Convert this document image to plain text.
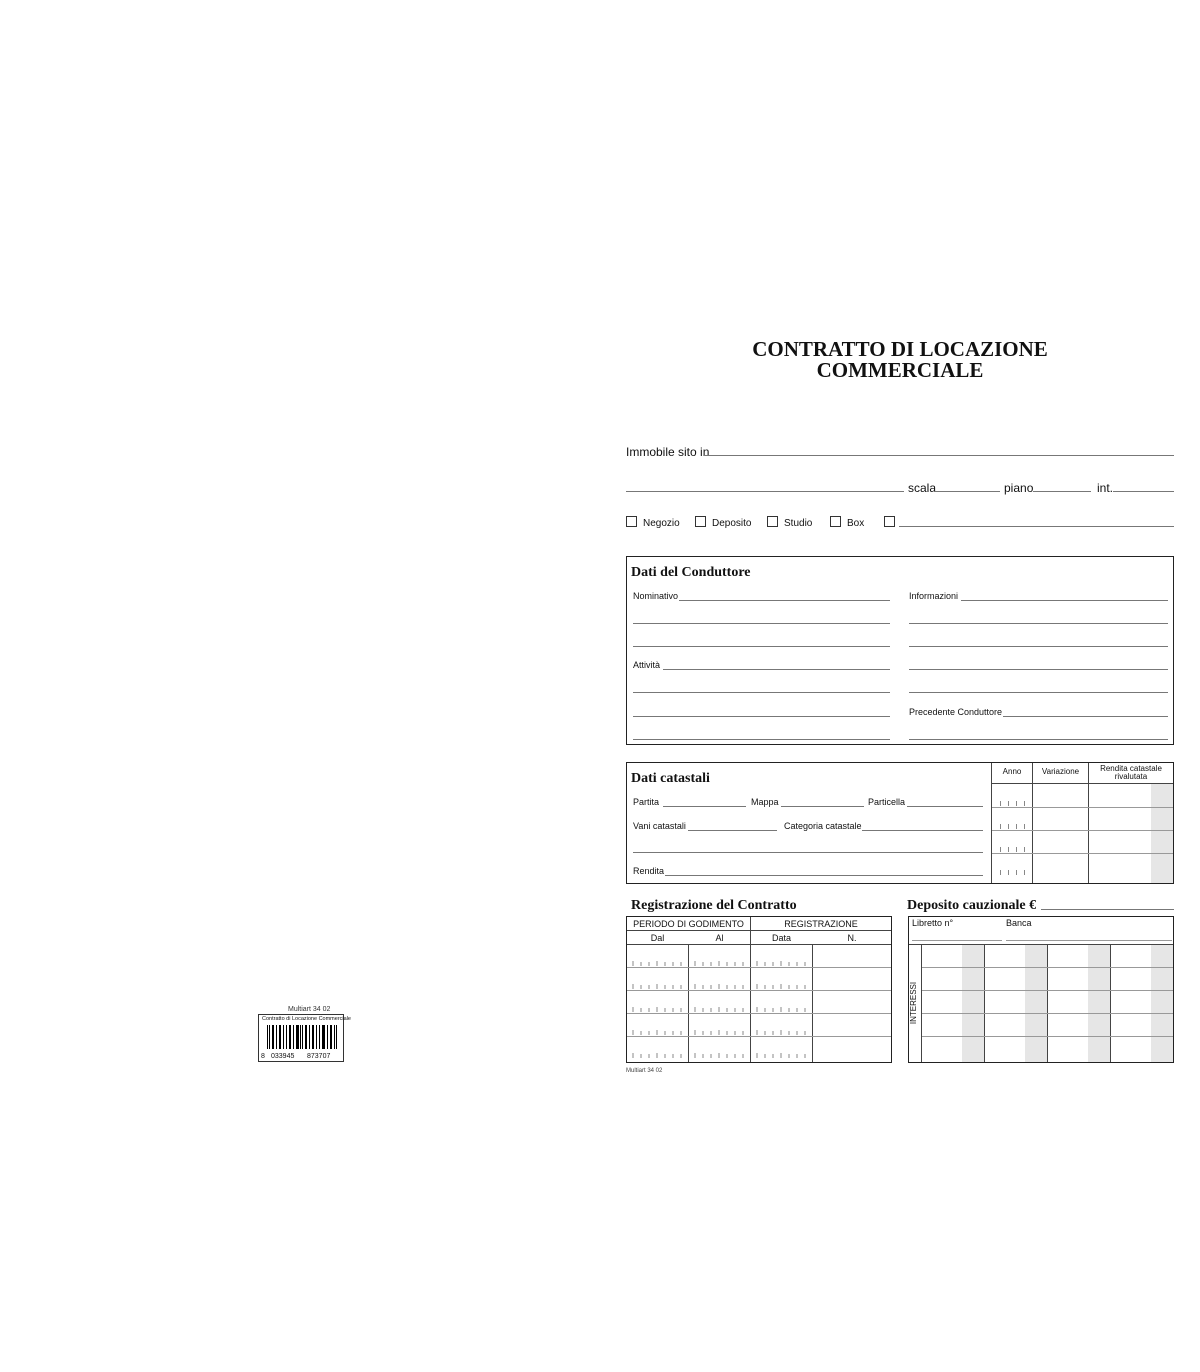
CONTRATTO DI LOCAZIONE
COMMERCIALE
Immobile sito in
scala	piano	int.
Negozio	Deposito	Studio	Box
Dati del Conduttore
Nominativo
Attività
Informazioni
Precedente Conduttore
Dati catastali
Partita	Mappa	Particella
Vani catastali	Categoria catastale
Rendita
Anno	Variazione	Rendita catastale rivalutata
Registrazione del Contratto
PERIODO DI GODIMENTO	REGISTRAZIONE
Dal	Al	Data	N.
Deposito cauzionale €
Libretto n°	Banca
INTERESSI
Multiart 34 02
Multiart 34 02
Contratto di Locazione Commerciale
8 033945 873707
